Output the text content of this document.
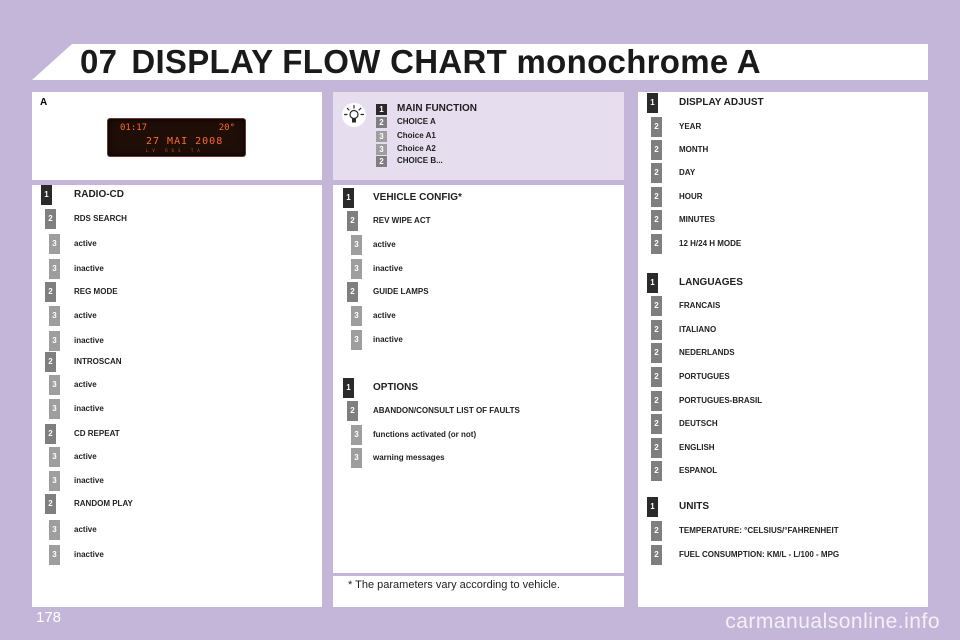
07 DISPLAY FLOW CHART monochrome A
A
01:17	20°
27 MAI 2008
LV RDS TA
1	MAIN FUNCTION
2	CHOICE A
3	Choice A1
3	Choice A2
2	CHOICE B...
1	RADIO-CD
2	RDS SEARCH
3	active
3	inactive
2	REG MODE
3	active
3	inactive
2	INTROSCAN
3	active
3	inactive
2	CD REPEAT
3	active
3	inactive
2	RANDOM PLAY
3	active
3	inactive
1	VEHICLE CONFIG*
2	REV WIPE ACT
3	active
3	inactive
2	GUIDE LAMPS
3	active
3	inactive
1	OPTIONS
2	ABANDON/CONSULT LIST OF FAULTS
3	functions activated (or not)
3	warning messages
1	DISPLAY ADJUST
2	YEAR
2	MONTH
2	DAY
2	HOUR
2	MINUTES
2	12 H/24 H MODE
1	LANGUAGES
2	FRANCAIS
2	ITALIANO
2	NEDERLANDS
2	PORTUGUES
2	PORTUGUES-BRASIL
2	DEUTSCH
2	ENGLISH
2	ESPANOL
1	UNITS
2	TEMPERATURE: °CELSIUS/°FAHRENHEIT
2	FUEL CONSUMPTION: KM/L - L/100 - MPG
* The parameters vary according to vehicle.
178	carmanualsonline.info
